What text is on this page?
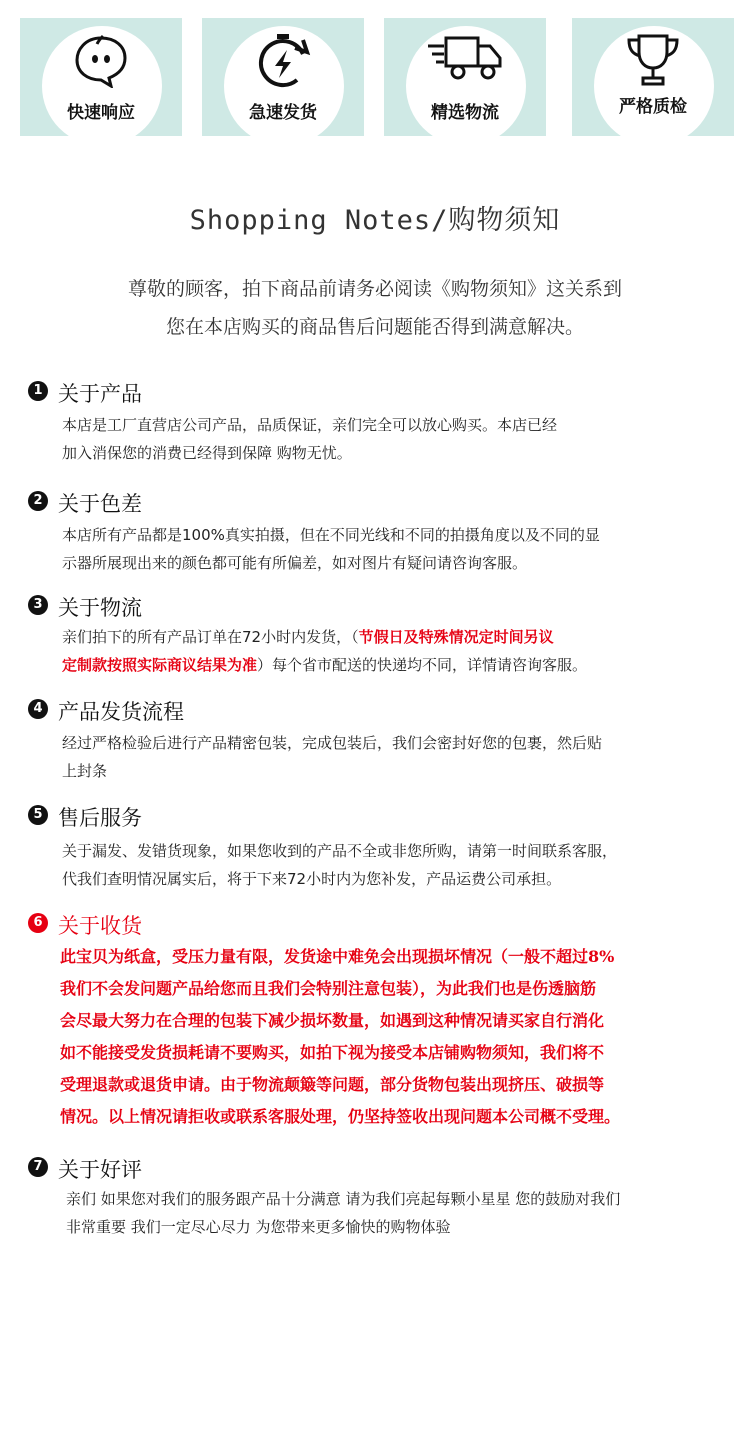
快速响应	急速发货	精选物流	严格质检
Shopping Notes/购物须知
尊敬的顾客，拍下商品前请务必阅读《购物须知》这关系到
您在本店购买的商品售后问题能否得到满意解决。
1 关于产品
本店是工厂直营店公司产品，品质保证，亲们完全可以放心购买。本店已经
加入消保您的消费已经得到保障 购物无忧。
2 关于色差
本店所有产品都是100%真实拍摄，但在不同光线和不同的拍摄角度以及不同的显
示器所展现出来的颜色都可能有所偏差，如对图片有疑问请咨询客服。
3 关于物流
亲们拍下的所有产品订单在72小时内发货，（节假日及特殊情况定时间另议
定制款按照实际商议结果为准）每个省市配送的快递均不同，详情请咨询客服。
4 产品发货流程
经过严格检验后进行产品精密包装，完成包装后，我们会密封好您的包裹，然后贴
上封条
5 售后服务
关于漏发、发错货现象，如果您收到的产品不全或非您所购，请第一时间联系客服，
代我们查明情况属实后，将于下来72小时内为您补发，产品运费公司承担。
6 关于收货
此宝贝为纸盒，受压力量有限，发货途中难免会出现损坏情况（一般不超过8%
我们不会发问题产品给您而且我们会特别注意包装），为此我们也是伤透脑筋
会尽最大努力在合理的包装下减少损坏数量，如遇到这种情况请买家自行消化
如不能接受发货损耗请不要购买，如拍下视为接受本店铺购物须知，我们将不
受理退款或退货申请。由于物流颠簸等问题，部分货物包装出现挤压、破损等
情况。以上情况请拒收或联系客服处理，仍坚持签收出现问题本公司概不受理。
7 关于好评
亲们 如果您对我们的服务跟产品十分满意 请为我们亮起每颗小星星 您的鼓励对我们
非常重要 我们一定尽心尽力 为您带来更多愉快的购物体验
